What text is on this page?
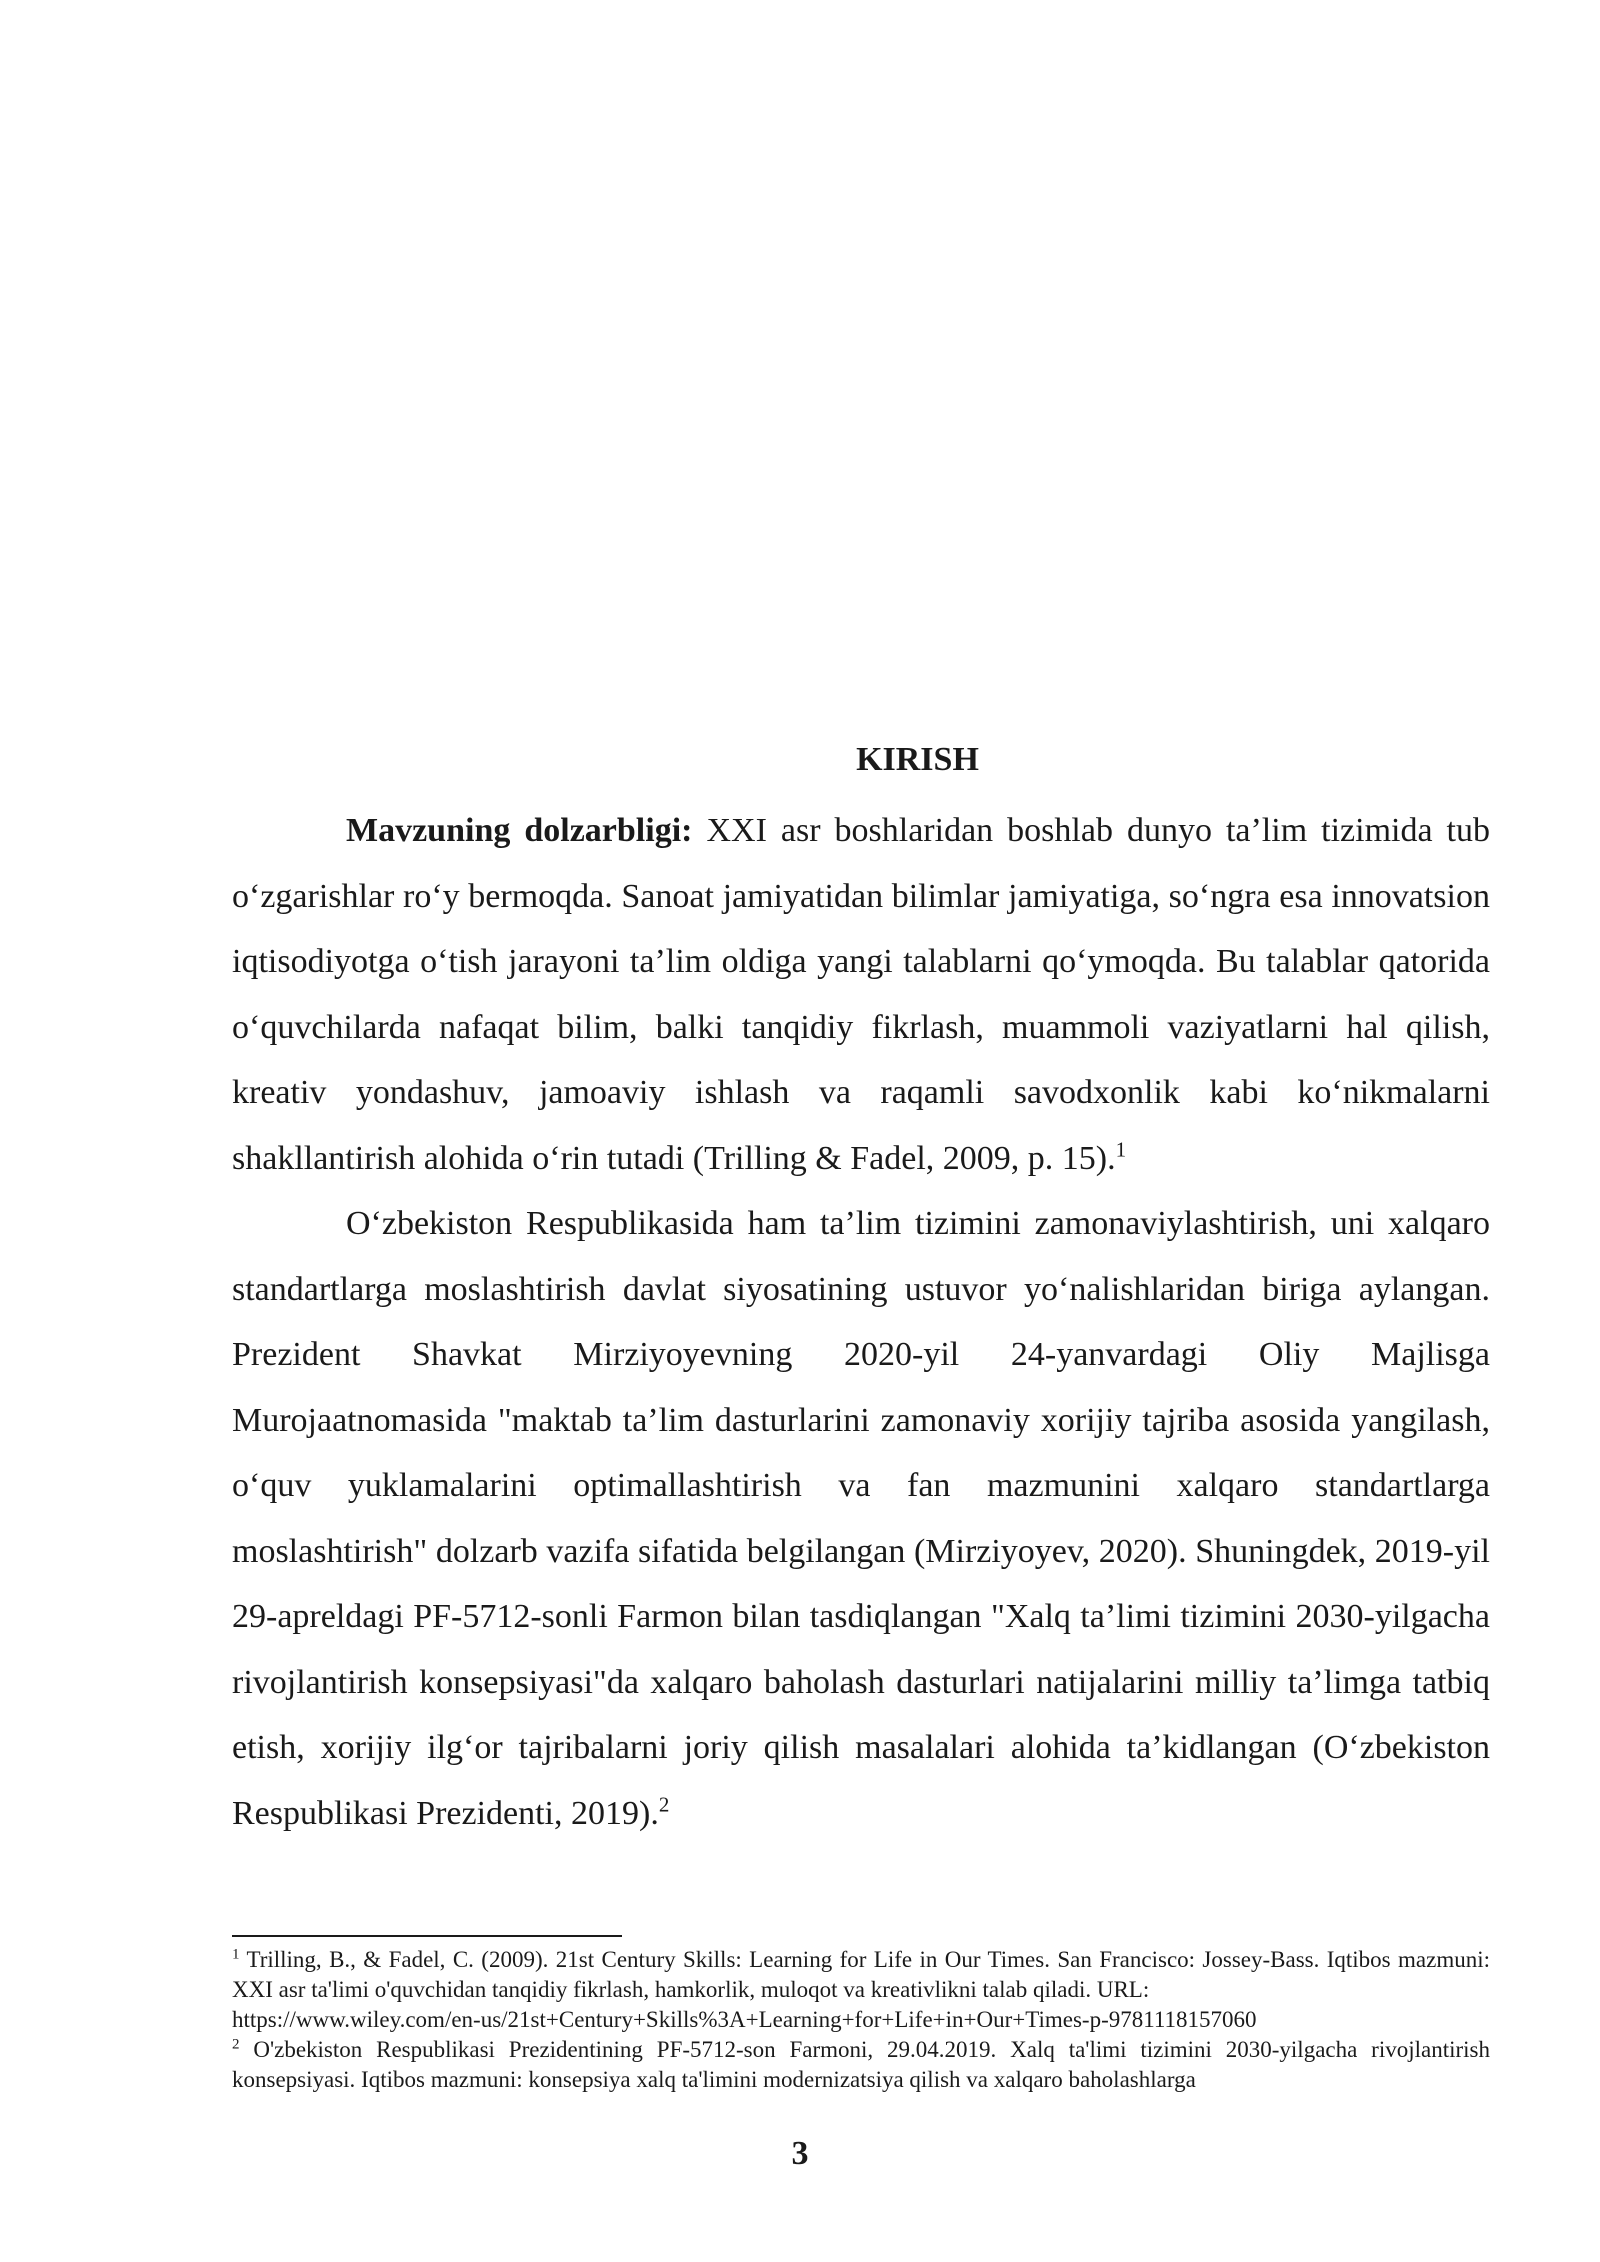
KIRISH

Mavzuning dolzarbligi: XXI asr boshlaridan boshlab dunyo ta’lim tizimida tub o‘zgarishlar ro‘y bermoqda. Sanoat jamiyatidan bilimlar jamiyatiga, so‘ngra esa innovatsion iqtisodiyotga o‘tish jarayoni ta’lim oldiga yangi talablarni qo‘ymoqda. Bu talablar qatorida o‘quvchilarda nafaqat bilim, balki tanqidiy fikrlash, muammoli vaziyatlarni hal qilish, kreativ yondashuv, jamoaviy ishlash va raqamli savodxonlik kabi ko‘nikmalarni shakllantirish alohida o‘rin tutadi (Trilling & Fadel, 2009, p. 15).$^1$

O‘zbekiston Respublikasida ham ta’lim tizimini zamonaviylashtirish, uni xalqaro standartlarga moslashtirish davlat siyosatining ustuvor yo‘nalishlaridan biriga aylangan. Prezident Shavkat Mirziyoyevning 2020-yil 24-yanvardagi Oliy Majlisga Murojaatnomasida "maktab ta’lim dasturlarini zamonaviy xorijiy tajriba asosida yangilash, o‘quv yuklamalarini optimallashtirish va fan mazmunini xalqaro standartlarga moslashtirish" dolzarb vazifa sifatida belgilangan (Mirziyoyev, 2020). Shuningdek, 2019-yil 29-apreldagi PF-5712-sonli Farmon bilan tasdiqlangan "Xalq ta’limi tizimini 2030-yilgacha rivojlantirish konsepsiyasi"da xalqaro baholash dasturlari natijalarini milliy ta’limga tatbiq etish, xorijiy ilg‘or tajribalarni joriy qilish masalalari alohida ta’kidlangan (O‘zbekiston Respublikasi Prezidenti, 2019).$^2$

$^1$ Trilling, B., & Fadel, C. (2009). 21st Century Skills: Learning for Life in Our Times. San Francisco: Jossey-Bass. Iqtibos mazmuni: XXI asr ta'limi o'quvchidan tanqidiy fikrlash, hamkorlik, muloqot va kreativlikni talab qiladi. URL:
https://www.wiley.com/en-us/21st+Century+Skills%3A+Learning+for+Life+in+Our+Times-p-9781118157060

$^2$ O'zbekiston Respublikasi Prezidentining PF-5712-son Farmoni, 29.04.2019. Xalq ta'limi tizimini 2030-yilgacha rivojlantirish konsepsiyasi. Iqtibos mazmuni: konsepsiya xalq ta'limini modernizatsiya qilish va xalqaro baholashlarga

3
